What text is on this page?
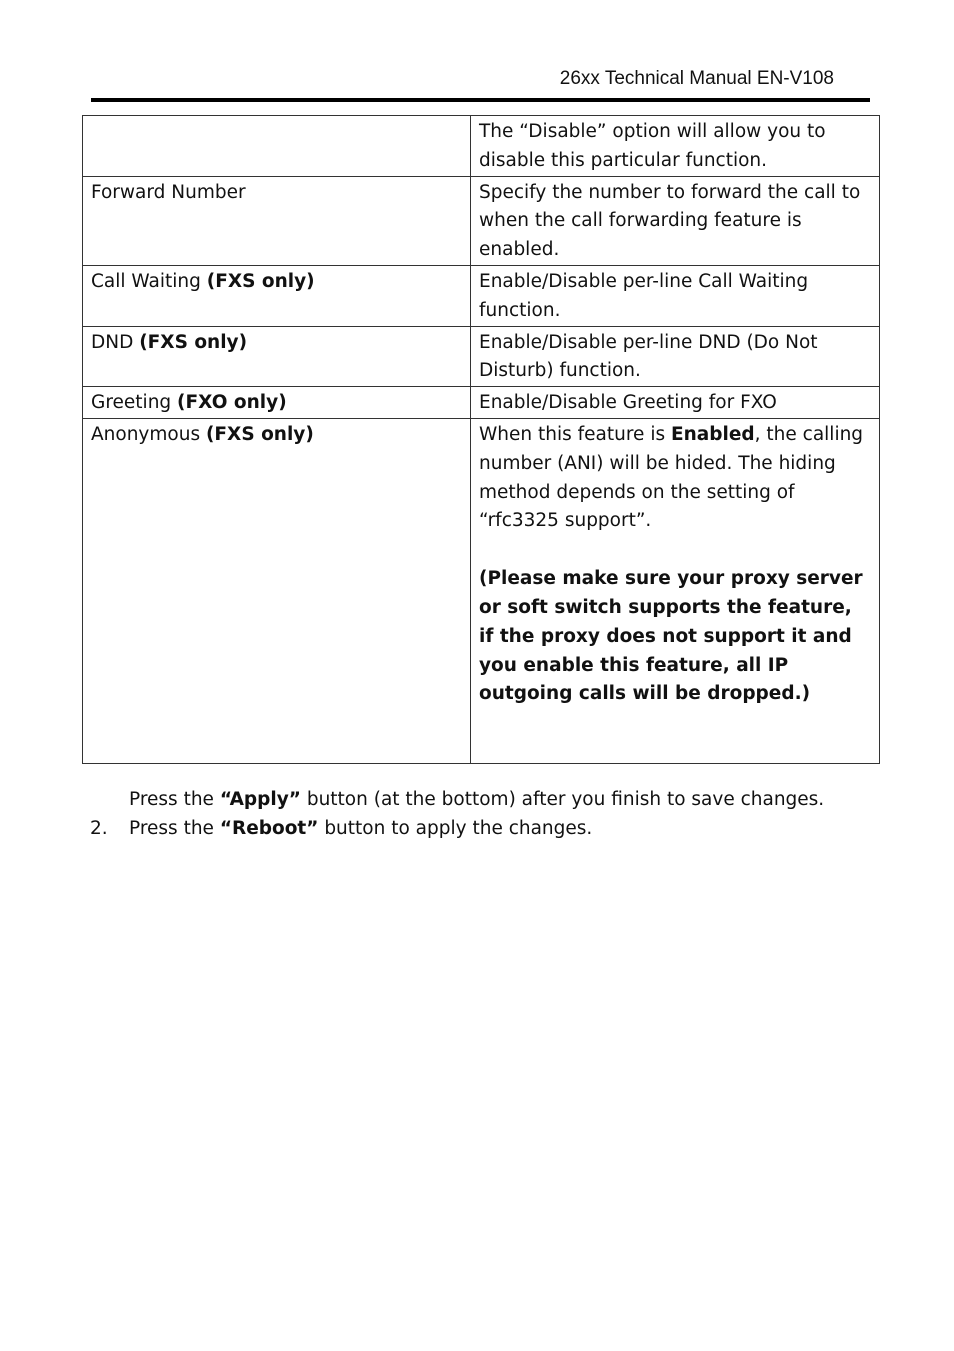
26xx Technical Manual EN-V108
	The “Disable” option will allow you to disable this particular function.
Forward Number	Specify the number to forward the call to when the call forwarding feature is enabled.
Call Waiting (FXS only)	Enable/Disable per-line Call Waiting function.
DND (FXS only)	Enable/Disable per-line DND (Do Not Disturb) function.
Greeting (FXO only)	Enable/Disable Greeting for FXO
Anonymous (FXS only)	When this feature is Enabled, the calling number (ANI) will be hided. The hiding method depends on the setting of “rfc3325 support”.

(Please make sure your proxy server or soft switch supports the feature, if the proxy does not support it and you enable this feature, all IP outgoing calls will be dropped.)

Press the “Apply” button (at the bottom) after you finish to save changes.
2. Press the “Reboot” button to apply the changes.
